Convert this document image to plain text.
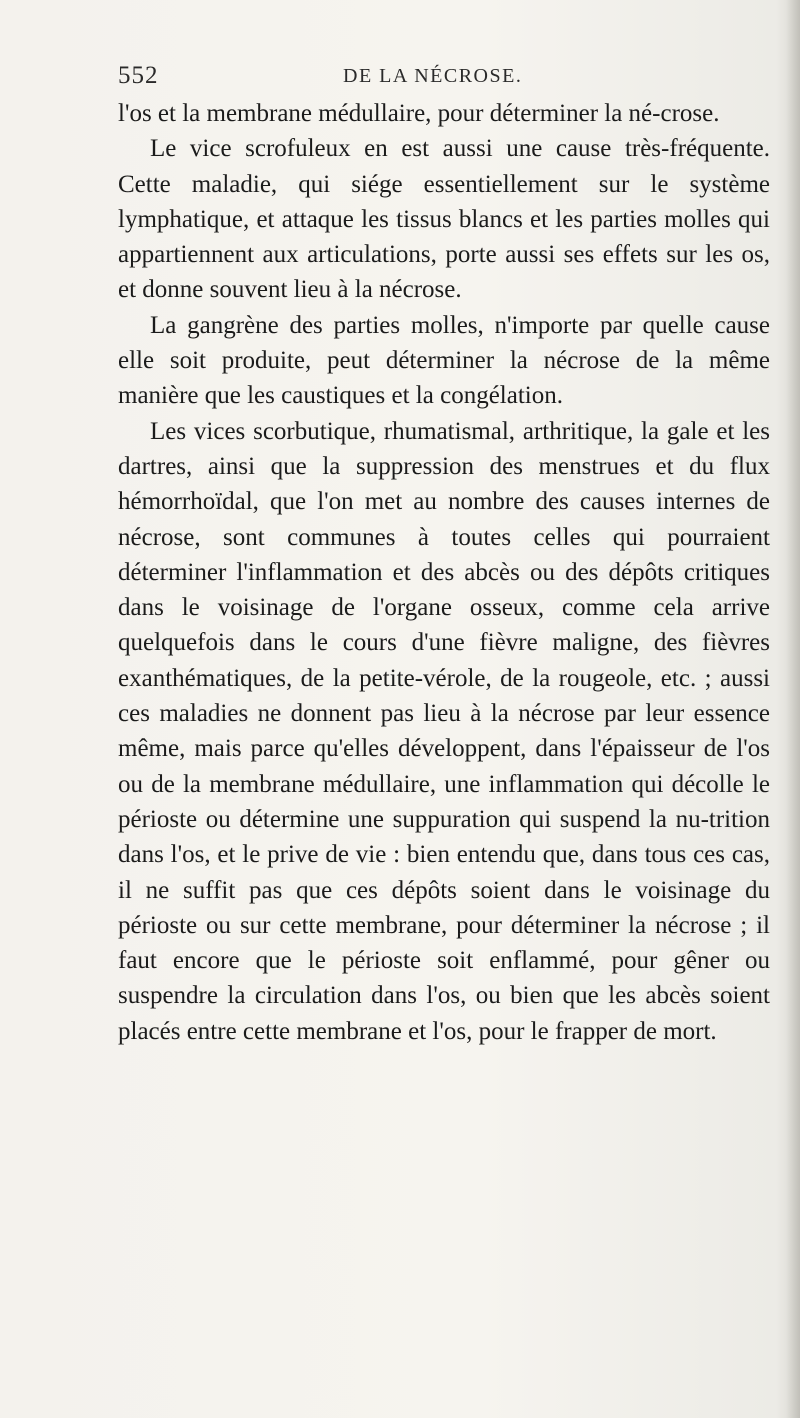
552	DE LA NÉCROSE.

l'os et la membrane médullaire, pour déterminer la né-crose.

Le vice scrofuleux en est aussi une cause très-fréquente. Cette maladie, qui siége essentiellement sur le système lymphatique, et attaque les tissus blancs et les parties molles qui appartiennent aux articulations, porte aussi ses effets sur les os, et donne souvent lieu à la nécrose.

La gangrène des parties molles, n'importe par quelle cause elle soit produite, peut déterminer la nécrose de la même manière que les caustiques et la congélation.

Les vices scorbutique, rhumatismal, arthritique, la gale et les dartres, ainsi que la suppression des menstrues et du flux hémorrhoïdal, que l'on met au nombre des causes internes de nécrose, sont communes à toutes celles qui pourraient déterminer l'inflammation et des abcès ou des dépôts critiques dans le voisinage de l'organe osseux, comme cela arrive quelquefois dans le cours d'une fièvre maligne, des fièvres exanthématiques, de la petite-vérole, de la rougeole, etc. ; aussi ces maladies ne donnent pas lieu à la nécrose par leur essence même, mais parce qu'elles développent, dans l'épaisseur de l'os ou de la membrane médullaire, une inflammation qui décolle le périoste ou détermine une suppuration qui suspend la nu-trition dans l'os, et le prive de vie : bien entendu que, dans tous ces cas, il ne suffit pas que ces dépôts soient dans le voisinage du périoste ou sur cette membrane, pour déterminer la nécrose ; il faut encore que le périoste soit enflammé, pour gêner ou suspendre la circulation dans l'os, ou bien que les abcès soient placés entre cette membrane et l'os, pour le frapper de mort.
